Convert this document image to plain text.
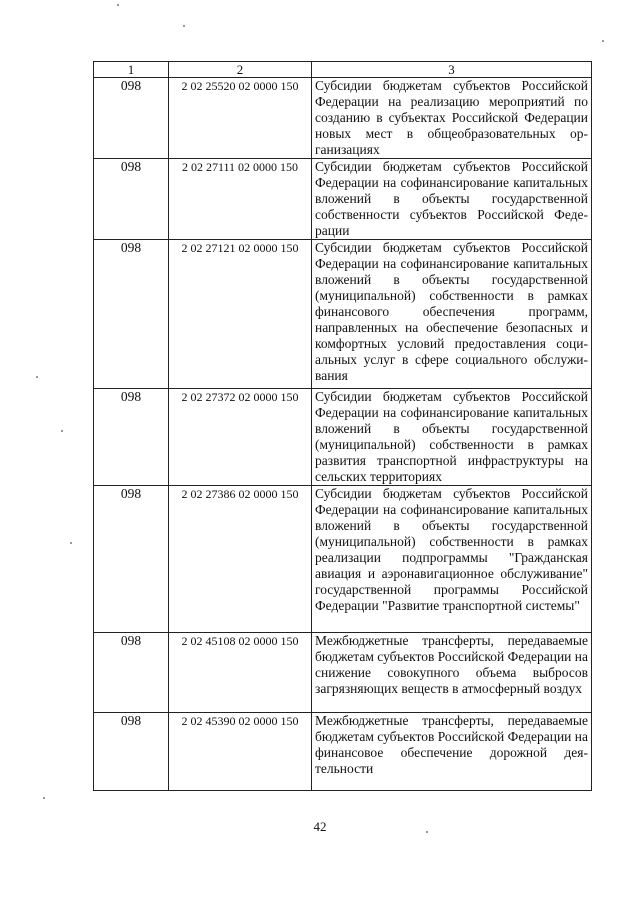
1	2	3
098	2 02 25520 02 0000 150	Субсидии бюджетам субъектов Российской Федерации на реализацию мероприятий по созданию в субъектах Российской Федерации новых мест в общеобразовательных организациях
098	2 02 27111 02 0000 150	Субсидии бюджетам субъектов Российской Федерации на софинансирование капитальных вложений в объекты государственной собственности субъектов Российской Федерации
098	2 02 27121 02 0000 150	Субсидии бюджетам субъектов Российской Федерации на софинансирование капитальных вложений в объекты государственной (муниципальной) собственности в рамках финансового обеспечения программ, направленных на обеспечение безопасных и комфортных условий предоставления социальных услуг в сфере социального обслуживания
098	2 02 27372 02 0000 150	Субсидии бюджетам субъектов Российской Федерации на софинансирование капитальных вложений в объекты государственной (муниципальной) собственности в рамках развития транспортной инфраструктуры на сельских территориях
098	2 02 27386 02 0000 150	Субсидии бюджетам субъектов Российской Федерации на софинансирование капитальных вложений в объекты государственной (муниципальной) собственности в рамках реализации подпрограммы "Гражданская авиация и аэронавигационное обслуживание" государственной программы Российской Федерации "Развитие транспортной системы"
098	2 02 45108 02 0000 150	Межбюджетные трансферты, передаваемые бюджетам субъектов Российской Федерации на снижение совокупного объема выбросов загрязняющих веществ в атмосферный воздух
098	2 02 45390 02 0000 150	Межбюджетные трансферты, передаваемые бюджетам субъектов Российской Федерации на финансовое обеспечение дорожной деятельности
42
